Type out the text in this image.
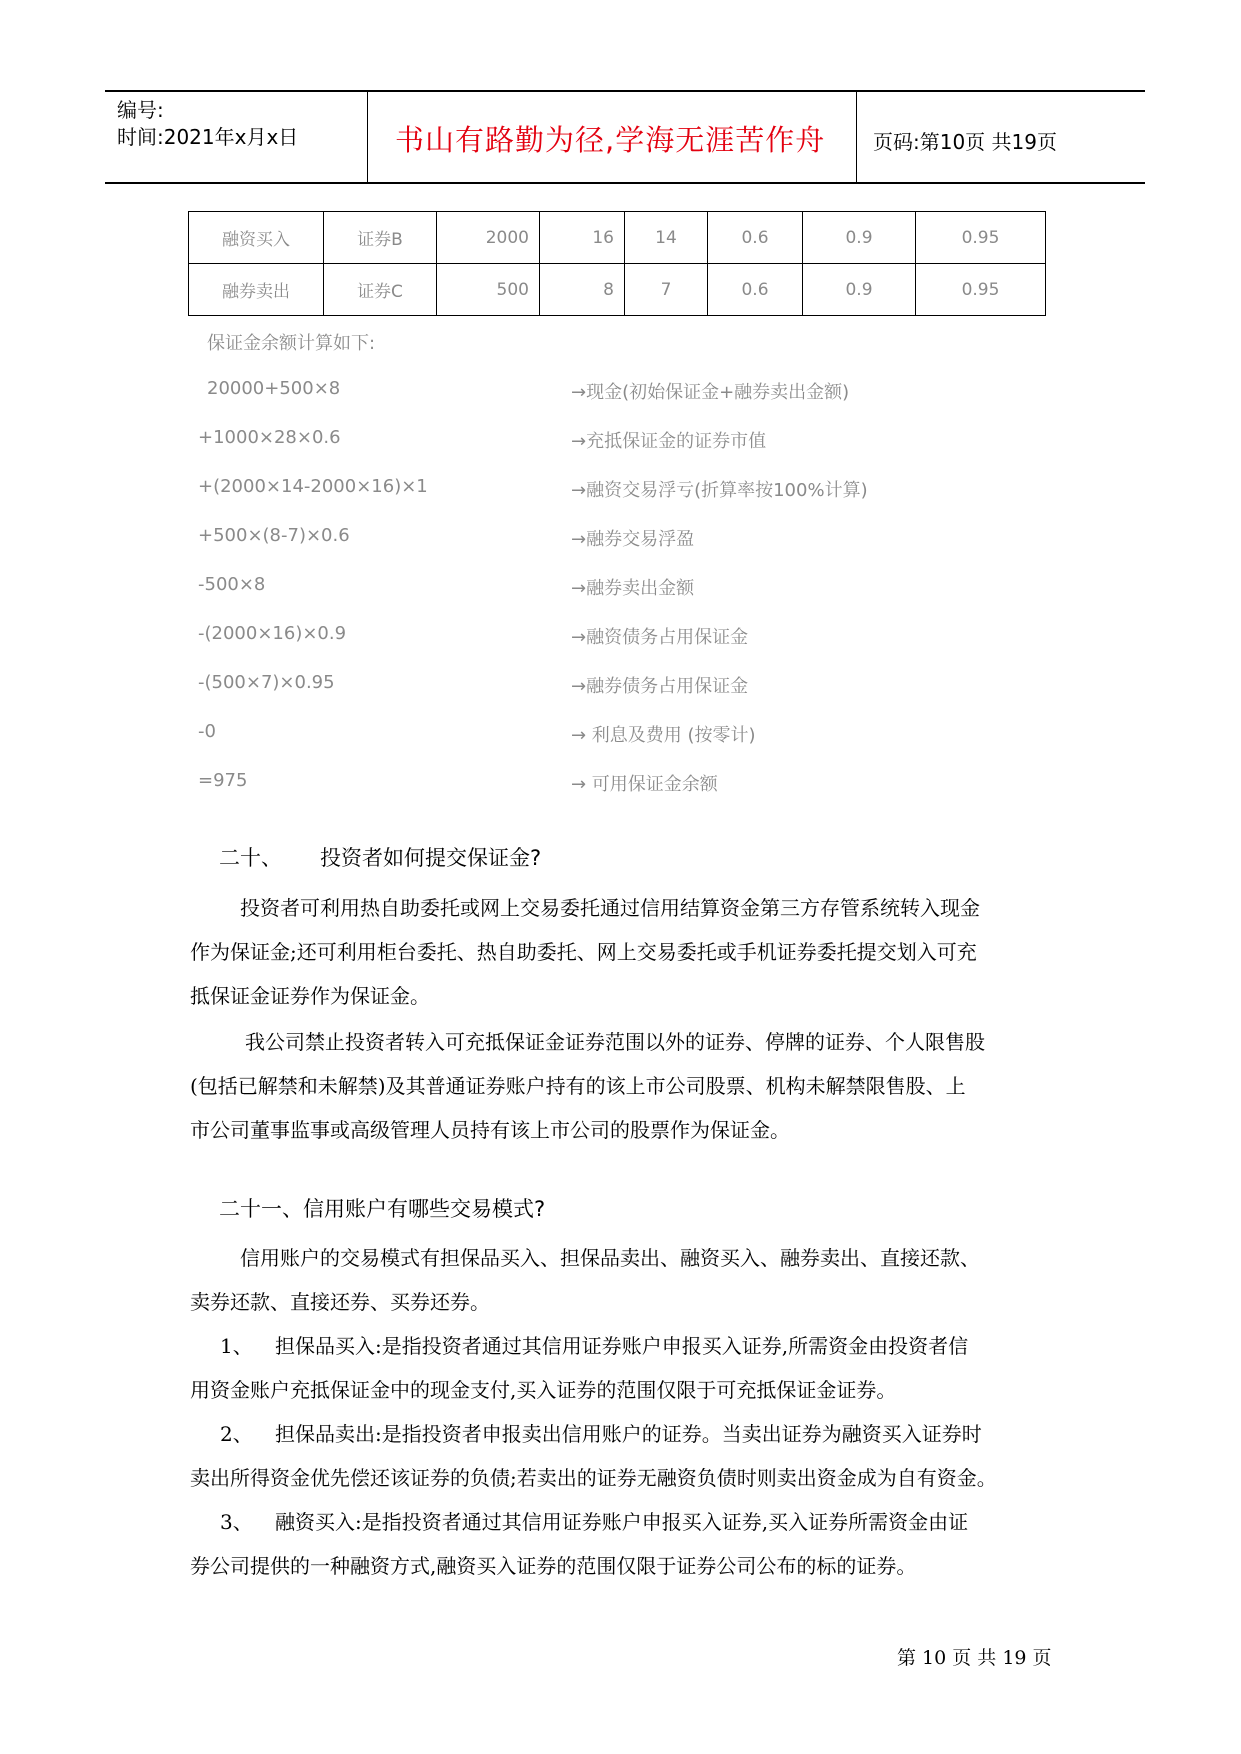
编号:
时间:2021年x月x日	书山有路勤为径,学海无涯苦作舟 页码:第10页 共19页
融资买入	证券B	2000	16	14	0.6	0.9	0.95
融券卖出	证券C	500	8	7	0.6	0.9	0.95
保证金余额计算如下:
20000+500×8	→现金(初始保证金+融券卖出金额)
+1000×28×0.6	→充抵保证金的证券市值
+(2000×14-2000×16)×1	→融资交易浮亏(折算率按100%计算)
+500×(8-7)×0.6	→融券交易浮盈
-500×8	→融券卖出金额
-(2000×16)×0.9	→融资债务占用保证金
-(500×7)×0.95	→融券债务占用保证金
-0	→ 利息及费用 (按零计)
=975	→ 可用保证金余额
二十、 投资者如何提交保证金?
投资者可利用热自助委托或网上交易委托通过信用结算资金第三方存管系统转入现金
作为保证金;还可利用柜台委托、热自助委托、网上交易委托或手机证券委托提交划入可充
抵保证金证券作为保证金。
我公司禁止投资者转入可充抵保证金证券范围以外的证券、停牌的证券、个人限售股
(包括已解禁和未解禁)及其普通证券账户持有的该上市公司股票、机构未解禁限售股、上
市公司董事监事或高级管理人员持有该上市公司的股票作为保证金。
二十一、信用账户有哪些交易模式?
信用账户的交易模式有担保品买入、担保品卖出、融资买入、融券卖出、直接还款、
卖券还款、直接还券、买券还券。
1、 担保品买入:是指投资者通过其信用证券账户申报买入证券,所需资金由投资者信
用资金账户充抵保证金中的现金支付,买入证券的范围仅限于可充抵保证金证券。
2、 担保品卖出:是指投资者申报卖出信用账户的证券。当卖出证券为融资买入证券时
卖出所得资金优先偿还该证券的负债;若卖出的证券无融资负债时则卖出资金成为自有资金。
3、 融资买入:是指投资者通过其信用证券账户申报买入证券,买入证券所需资金由证
券公司提供的一种融资方式,融资买入证券的范围仅限于证券公司公布的标的证券。
第 10 页 共 19 页
